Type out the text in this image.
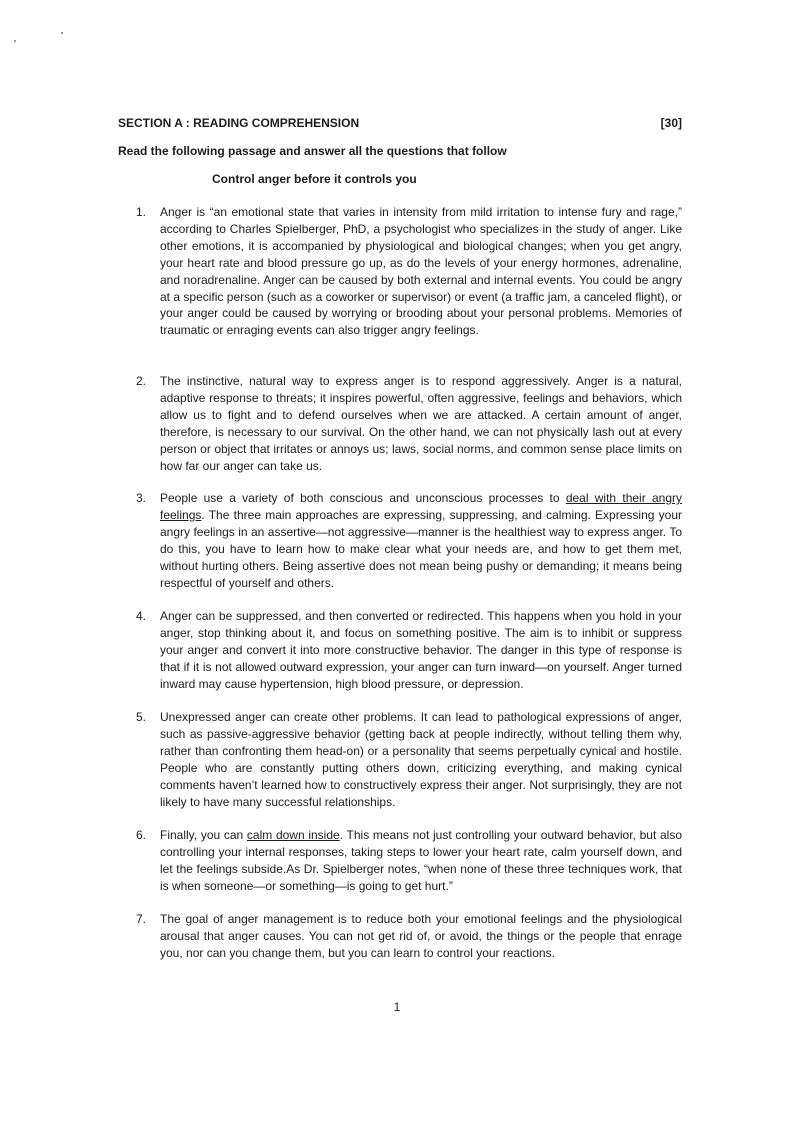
SECTION A : READING COMPREHENSION	[30]
Read the following passage and answer all the questions that follow
Control anger before it controls you
1.	Anger is “an emotional state that varies in intensity from mild irritation to intense fury and rage,” according to Charles Spielberger, PhD, a psychologist who specializes in the study of anger. Like other emotions, it is accompanied by physiological and biological changes; when you get angry, your heart rate and blood pressure go up, as do the levels of your energy hormones, adrenaline, and noradrenaline. Anger can be caused by both external and internal events. You could be angry at a specific person (such as a coworker or supervisor) or event (a traffic jam, a canceled flight), or your anger could be caused by worrying or brooding about your personal problems. Memories of traumatic or enraging events can also trigger angry feelings.
2.	The instinctive, natural way to express anger is to respond aggressively. Anger is a natural, adaptive response to threats; it inspires powerful, often aggressive, feelings and behaviors, which allow us to fight and to defend ourselves when we are attacked. A certain amount of anger, therefore, is necessary to our survival. On the other hand, we can not physically lash out at every person or object that irritates or annoys us; laws, social norms, and common sense place limits on how far our anger can take us.
3.	People use a variety of both conscious and unconscious processes to deal with their angry feelings. The three main approaches are expressing, suppressing, and calming. Expressing your angry feelings in an assertive—not aggressive—manner is the healthiest way to express anger. To do this, you have to learn how to make clear what your needs are, and how to get them met, without hurting others. Being assertive does not mean being pushy or demanding; it means being respectful of yourself and others.
4.	Anger can be suppressed, and then converted or redirected. This happens when you hold in your anger, stop thinking about it, and focus on something positive. The aim is to inhibit or suppress your anger and convert it into more constructive behavior. The danger in this type of response is that if it is not allowed outward expression, your anger can turn inward—on yourself. Anger turned inward may cause hypertension, high blood pressure, or depression.
5.	Unexpressed anger can create other problems. It can lead to pathological expressions of anger, such as passive-aggressive behavior (getting back at people indirectly, without telling them why, rather than confronting them head-on) or a personality that seems perpetually cynical and hostile. People who are constantly putting others down, criticizing everything, and making cynical comments haven’t learned how to constructively express their anger. Not surprisingly, they are not likely to have many successful relationships.
6.	Finally, you can calm down inside. This means not just controlling your outward behavior, but also controlling your internal responses, taking steps to lower your heart rate, calm yourself down, and let the feelings subside.As Dr. Spielberger notes, “when none of these three techniques work, that is when someone—or something—is going to get hurt.”
7.	The goal of anger management is to reduce both your emotional feelings and the physiological arousal that anger causes. You can not get rid of, or avoid, the things or the people that enrage you, nor can you change them, but you can learn to control your reactions.
1
